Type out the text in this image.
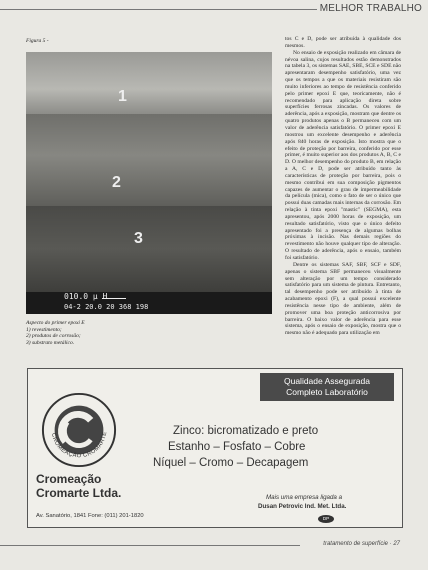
MELHOR TRABALHO
Figura 5 -
1
2
3
010.0 µ H
04-2 20.0 20 368 198
Aspecto do primer epoxi E
1) revestimento;
2) produtos de corrosão;
3) substrato metálico.

tos C e D, pode ser atribuída à qualidade dos mesmos.

No ensaio de exposição realizado em câmara de névoa salina, cujos resultados estão demonstrados na tabela 3, os sistemas SAE, SBE, SCE e SDE não apresentaram desempenho satisfatório, uma vez que os tempos a que os materiais resistiram são muito inferiores ao tempo de resistência conferido pelo primer epoxi E que, teoricamente, não é recomendado para aplicação direta sobre superfícies ferrosas zincadas. Os valores de aderência, após a exposição, mostram que dentre os quatro produtos apenas o B permaneceu com um valor de aderência satisfatório. O primer epoxi E mostrou um excelente desempenho e aderência após 840 horas de exposição. Isto mostra que o efeito de proteção por barreira, conferido por esse primer, é muito superior aos dos produtos A, B, C e D. O melhor desempenho do produto B, em relação a A, C e D, pode ser atribuído tanto às características de proteção por barreira, pois o mesmo contribui em sua composição pigmentos capazes de aumentar o grau de impermeabilidade da película (mica), como o fato de ser o único que possui duas camadas mais internas da corrosão. Em relação à tinta epoxi "mastic" (SEGMA), esta apresentou, após 2000 horas de exposição, um resultado satisfatório, visto que o único defeito apresentado foi a presença de algumas bolhas próximas à incisão. Nas demais regiões do revestimento não houve qualquer tipo de alteração. O resultado de aderência, após o ensaio, também foi satisfatório.

Dentre os sistemas SAF, SBF, SCF e SDF, apenas o sistema SBF permaneceu visualmente sem alteração por um tempo considerado satisfatório para um sistema de pintura. Entretanto, tal desempenho pode ser atribuído à tinta de acabamento epoxi (F), a qual possui excelente resistência nesse tipo de ambiente, além de promover uma boa proteção anticorrosiva por barreira. O baixo valor de aderência para esse sistema, após o ensaio de exposição, mostra que o mesmo não é adequado para utilização em

Qualidade Assegurada
Completo Laboratório
CROMEAÇÃO CROMARTE	Zinco: bicromatizado e preto
Estanho – Fosfato – Cobre
Níquel – Cromo – Decapagem
Cromeação
Cromarte Ltda.
Av. Sanatório, 1841 Fone: (011) 201-1820
Mais uma empresa ligada a
Dusan Petrovic Ind. Met. Ltda.
DP
tratamento de superfície · 27
